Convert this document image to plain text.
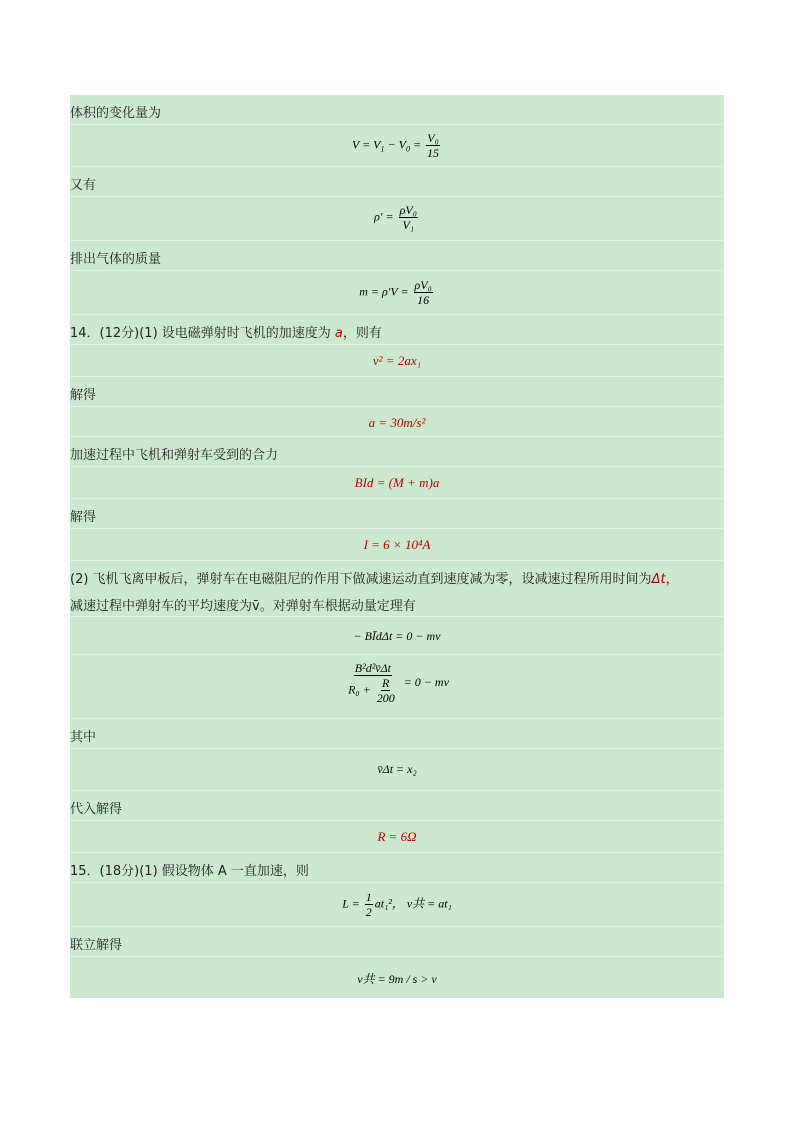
体积的变化量为
$V = V_1 - V_0 = \frac{\text{V₀}}{15}$
又有
$\rho' = \frac{\text{ρV₀}}{\text{V₁}}$
排出气体的质量
$m = \rho'V = \frac{\text{ρV₀}}{16}$
14．(12分)(1) 设电磁弹射时飞机的加速度为 a，则有
v² = 2ax₁
解得
a = 30m/s²
加速过程中飞机和弹射车受到的合力
BId = (M + m)a
解得
I = 6 × 10⁴A
(2) 飞机飞离甲板后，弹射车在电磁阻尼的作用下做减速运动直到速度减为零，设减速过程所用时间为Δt，
减速过程中弹射车的平均速度为v̄。对弹射车根据动量定理有
− BĪdΔt = 0 − mv
$\frac{\text{B²d²v̄Δt}}{R_0 + \frac{R}{200}} = 0$ − mv
其中
v̄Δt = x₂
代入解得
R = 6Ω
15．(18分)(1) 假设物体 A 一直加速，则
$L = \frac{1}{2} at_1^2$， v共 = at₁
联立解得
v共 = 9m / s > v
